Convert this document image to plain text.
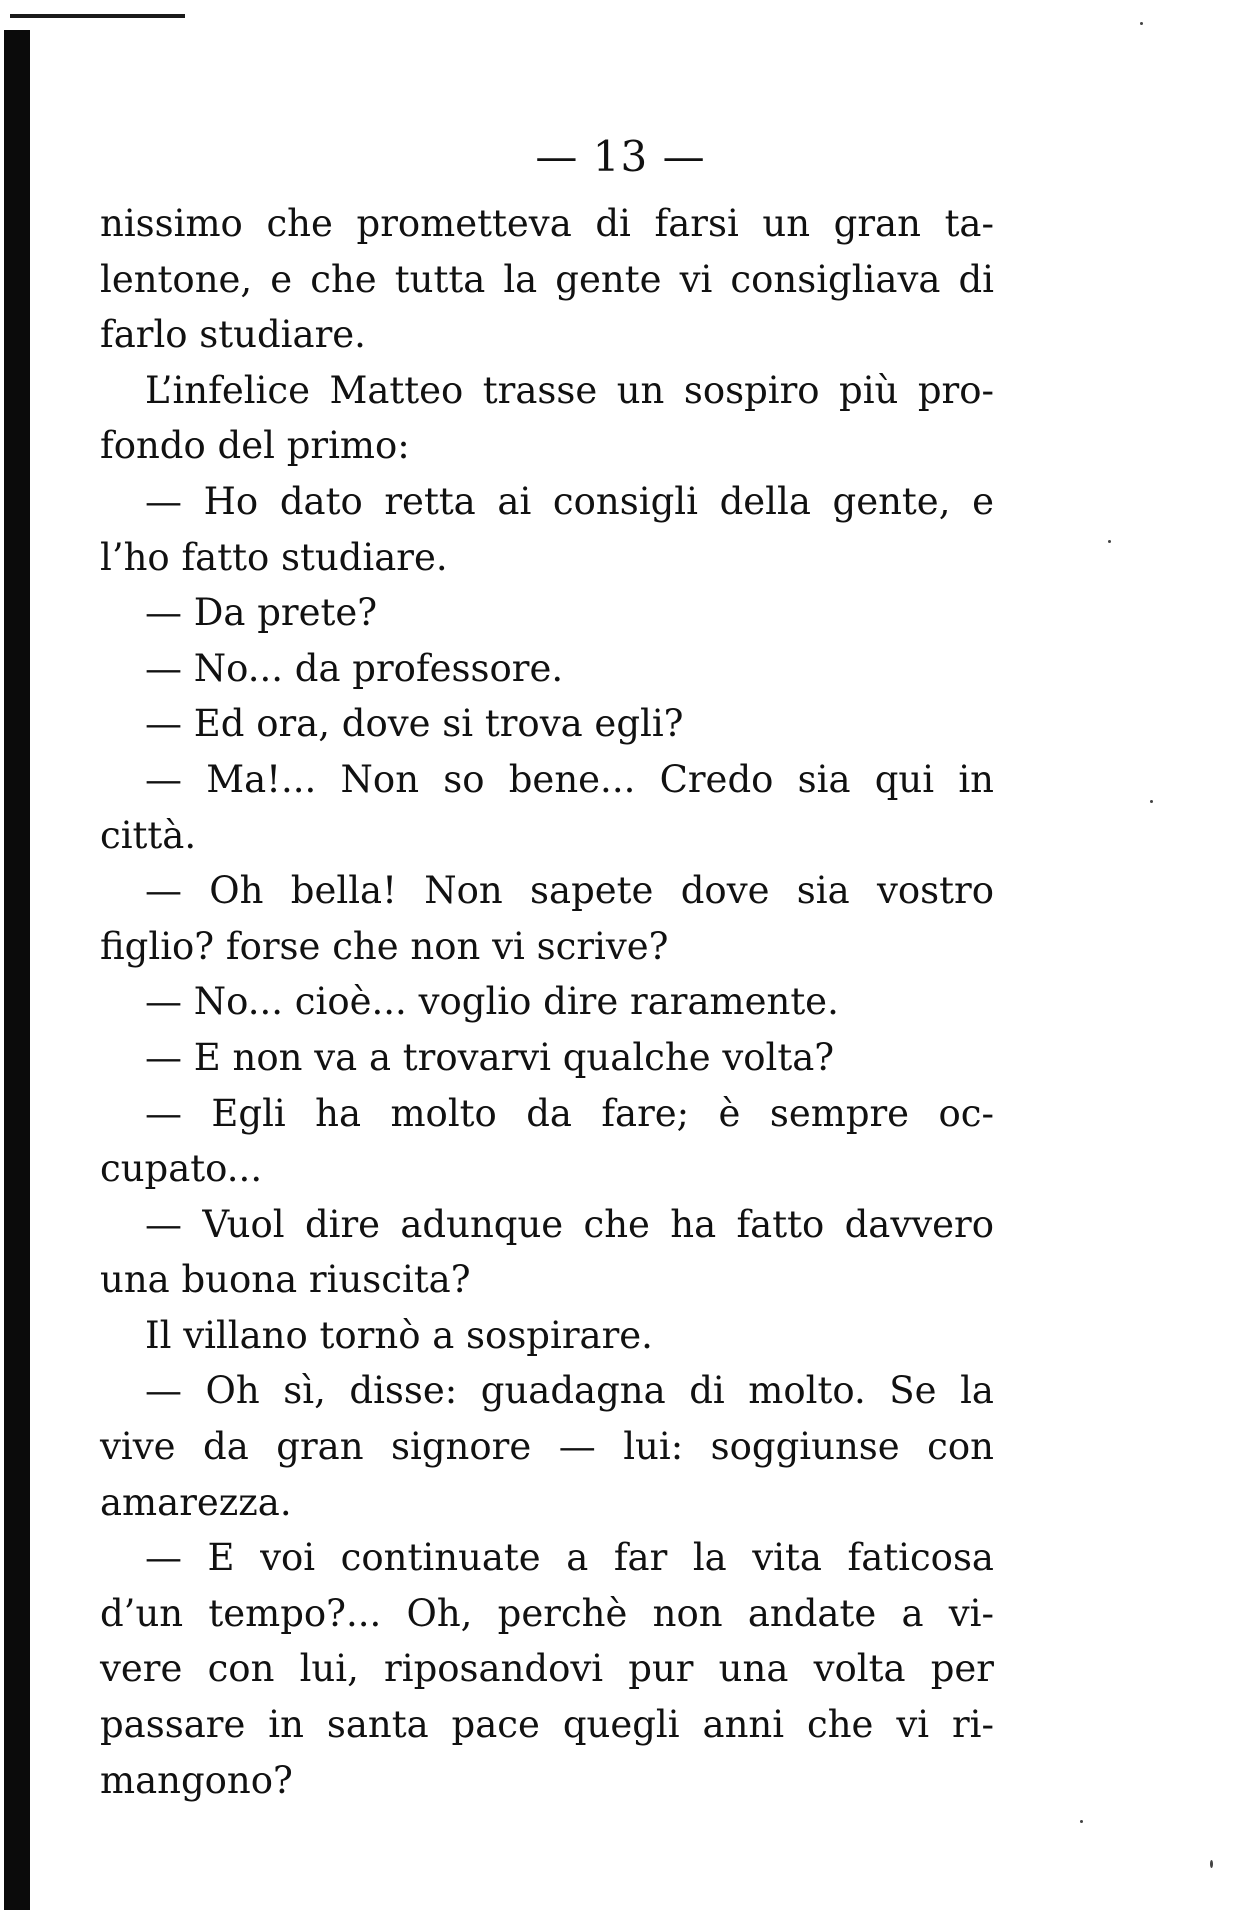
— 13 —
nissimo che prometteva di farsi un gran ta-
lentone, e che tutta la gente vi consigliava di
farlo studiare.
L’infelice Matteo trasse un sospiro più pro-
fondo del primo:
— Ho dato retta ai consigli della gente, e
l’ho fatto studiare.
— Da prete?
— No... da professore.
— Ed ora, dove si trova egli?
— Ma!... Non so bene... Credo sia qui in
città.
— Oh bella! Non sapete dove sia vostro
figlio? forse che non vi scrive?
— No... cioè... voglio dire raramente.
— E non va a trovarvi qualche volta?
— Egli ha molto da fare; è sempre oc-
cupato...
— Vuol dire adunque che ha fatto davvero
una buona riuscita?
Il villano tornò a sospirare.
— Oh sì, disse: guadagna di molto. Se la
vive da gran signore — lui: soggiunse con
amarezza.
— E voi continuate a far la vita faticosa
d’un tempo?... Oh, perchè non andate a vi-
vere con lui, riposandovi pur una volta per
passare in santa pace quegli anni che vi ri-
mangono?
